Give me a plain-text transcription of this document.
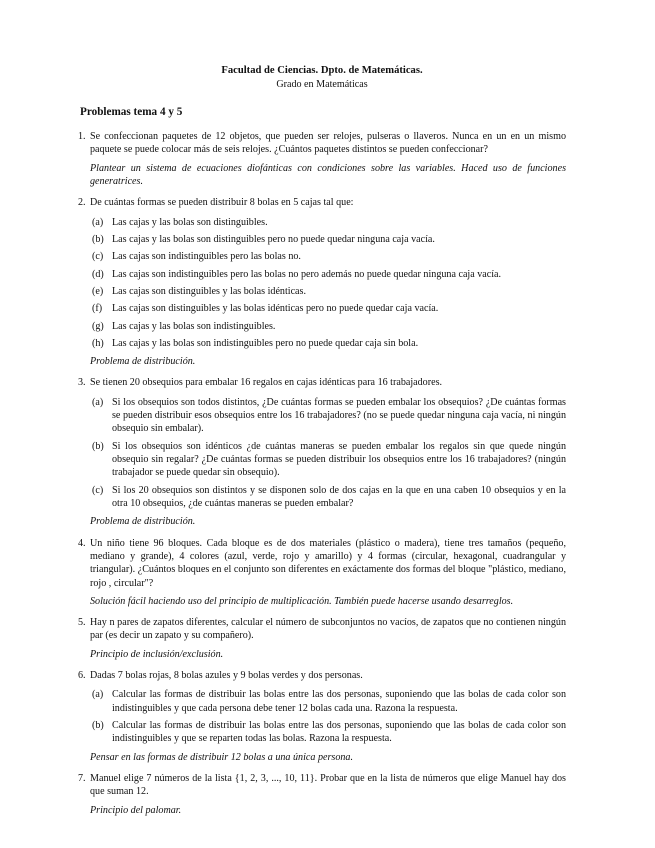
Facultad de Ciencias. Dpto. de Matemáticas.
Grado en Matemáticas
Problemas tema 4 y 5
1. Se confeccionan paquetes de 12 objetos, que pueden ser relojes, pulseras o llaveros. Nunca en un en un mismo paquete se puede colocar más de seis relojes. ¿Cuántos paquetes distintos se pueden confeccionar?
Plantear un sistema de ecuaciones diofánticas con condiciones sobre las variables. Haced uso de funciones generatrices.
2. De cuántas formas se pueden distribuir 8 bolas en 5 cajas tal que:
(a) Las cajas y las bolas son distinguibles.
(b) Las cajas y las bolas son distinguibles pero no puede quedar ninguna caja vacía.
(c) Las cajas son indistinguibles pero las bolas no.
(d) Las cajas son indistinguibles pero las bolas no pero además no puede quedar ninguna caja vacía.
(e) Las cajas son distinguibles y las bolas idénticas.
(f) Las cajas son distinguibles y las bolas idénticas pero no puede quedar caja vacía.
(g) Las cajas y las bolas son indistinguibles.
(h) Las cajas y las bolas son indistinguibles pero no puede quedar caja sin bola.
Problema de distribución.
3. Se tienen 20 obsequios para embalar 16 regalos en cajas idénticas para 16 trabajadores.
(a) Si los obsequios son todos distintos, ¿De cuántas formas se pueden embalar los obsequios? ¿De cuántas formas se pueden distribuir esos obsequios entre los 16 trabajadores? (no se puede quedar ninguna caja vacía, ni ningún obsequio sin embalar).
(b) Si los obsequios son idénticos ¿de cuántas maneras se pueden embalar los regalos sin que quede ningún obsequio sin regalar? ¿De cuántas formas se pueden distribuir los obsequios entre los 16 trabajadores? (ningún trabajador se puede quedar sin obsequio).
(c) Si los 20 obsequios son distintos y se disponen solo de dos cajas en la que en una caben 10 obsequios y en la otra 10 obsequios, ¿de cuántas maneras se pueden embalar?
Problema de distribución.
4. Un niño tiene 96 bloques. Cada bloque es de dos materiales (plástico o madera), tiene tres tamaños (pequeño, mediano y grande), 4 colores (azul, verde, rojo y amarillo) y 4 formas (circular, hexagonal, cuadrangular y triangular). ¿Cuántos bloques en el conjunto son diferentes en exáctamente dos formas del bloque "plástico, mediano, rojo , circular"?
Solución fácil haciendo uso del principio de multiplicación. También puede hacerse usando desarreglos.
5. Hay n pares de zapatos diferentes, calcular el número de subconjuntos no vacíos, de zapatos que no contienen ningún par (es decir un zapato y su compañero).
Principio de inclusión/exclusión.
6. Dadas 7 bolas rojas, 8 bolas azules y 9 bolas verdes y dos personas.
(a) Calcular las formas de distribuir las bolas entre las dos personas, suponiendo que las bolas de cada color son indistinguibles y que cada persona debe tener 12 bolas cada una. Razona la respuesta.
(b) Calcular las formas de distribuir las bolas entre las dos personas, suponiendo que las bolas de cada color son indistinguibles y que se reparten todas las bolas. Razona la respuesta.
Pensar en las formas de distribuir 12 bolas a una única persona.
7. Manuel elige 7 números de la lista {1, 2, 3, ..., 10, 11}. Probar que en la lista de números que elige Manuel hay dos que suman 12.
Principio del palomar.
